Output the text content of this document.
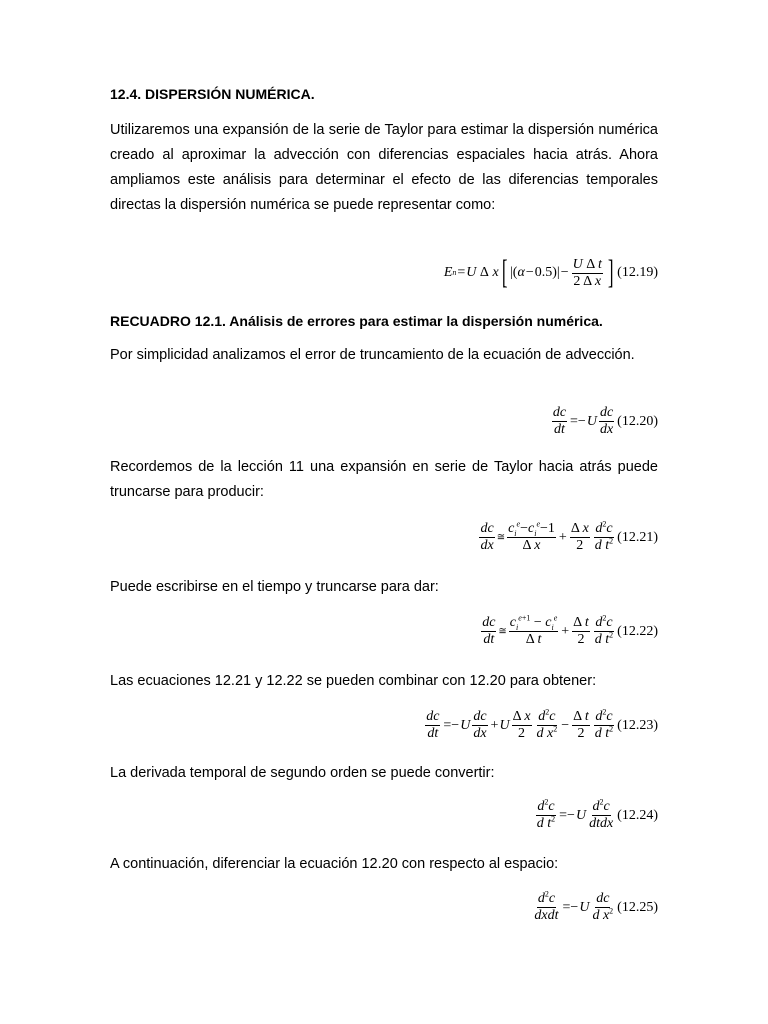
12.4. DISPERSIÓN NUMÉRICA.

Utilizaremos una expansión de la serie de Taylor para estimar la dispersión numérica creado al aproximar la advección con diferencias espaciales hacia atrás. Ahora ampliamos este análisis para determinar el efecto de las diferencias temporales directas la dispersión numérica se puede representar como:

E n = U Δ x [ |( α − 0.5 )| − $\frac{\text{U Δ t}}{\text{2 Δ x}}$ ] (12.19)

RECUADRO 12.1. Análisis de errores para estimar la dispersión numérica.

Por simplicidad analizamos el error de truncamiento de la ecuación de advección.

$\frac{dc}{dt} =- U \frac{dc}{dx} (12.20)$

Recordemos de la lección 11 una expansión en serie de Taylor hacia atrás puede truncarse para producir:

$\frac{dc}{dx}$ ≅ $\frac{c_i^e-c_i^e-1}{\text{Δ x}} + \frac{\text{Δ x}}{2} \frac{d^2c}{d t^2} (12.21)$

Puede escribirse en el tiempo y truncarse para dar:

$\frac{dc}{dt}$ ≅ $\frac{c_i^{e+1} - c_i^e}{\text{Δ t}} + \frac{\text{Δ t}}{2} \frac{d^2c}{d t^2} (12.22)$

Las ecuaciones 12.21 y 12.22 se pueden combinar con 12.20 para obtener:

$\frac{dc}{dt} =- U \frac{dc}{dx} + U \frac{\text{Δ x}}{2} \frac{d^2c}{d x^2} - \frac{\text{Δ t}}{2} \frac{d^2c}{d t^2} (12.23)$

La derivada temporal de segundo orden se puede convertir:

$\frac{d^2c}{d t^2} =- U \frac{d^2c}{\text{dtdx}} (12.24)$

A continuación, diferenciar la ecuación 12.20 con respecto al espacio:

$\frac{d^2c}{\text{dxdt}} =- U \frac{dc}{d x^2} (12.25)$
